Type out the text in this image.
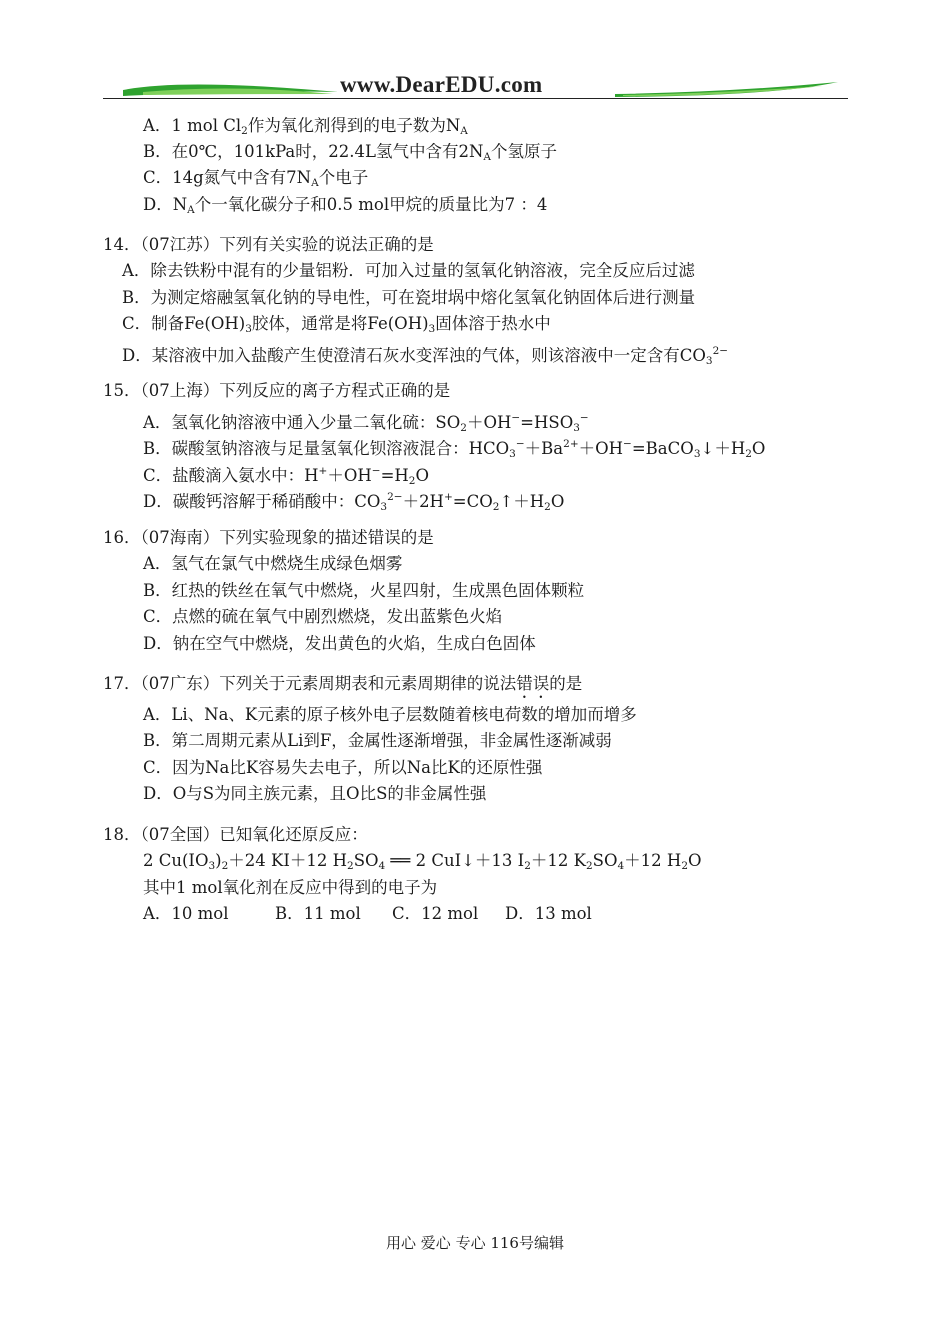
www.DearEDU.com
A．1 mol $Cl_2$作为氧化剂得到的电子数为$N_A$
B．在0℃，101kPa时，22.4L氢气中含有$2N_A$个氢原子
C．14g氮气中含有$7N_A$个电子
D．$N_A$个一氧化碳分子和0.5 mol甲烷的质量比为7 ：4
14．（07江苏）下列有关实验的说法正确的是
A．除去铁粉中混有的少量铝粉．可加入过量的氢氧化钠溶液，完全反应后过滤
B．为测定熔融氢氧化钠的导电性，可在瓷坩埚中熔化氢氧化钠固体后进行测量
C．制备$Fe(OH)_3$胶体，通常是将$Fe(OH)_3$固体溶于热水中
D．某溶液中加入盐酸产生使澄清石灰水变浑浊的气体，则该溶液中一定含有$CO_3^{2-}$
15．（07上海）下列反应的离子方程式正确的是
A．氢氧化钠溶液中通入少量二氧化硫：$SO_2+OH^-=HSO_3^-$
B．碳酸氢钠溶液与足量氢氧化钡溶液混合：$HCO_3^-+Ba^{2+}+OH^-=BaCO_3↓+H_2O$
C．盐酸滴入氨水中：$H^++OH^-=H_2O$
D．碳酸钙溶解于稀硝酸中：$CO_3^{2-}+2H^+=CO_2↑+H_2O$
16．（07海南）下列实验现象的描述错误的是
A．氢气在氯气中燃烧生成绿色烟雾
B．红热的铁丝在氧气中燃烧，火星四射，生成黑色固体颗粒
C．点燃的硫在氧气中剧烈燃烧，发出蓝紫色火焰
D．钠在空气中燃烧，发出黄色的火焰，生成白色固体
17．（07广东）下列关于元素周期表和元素周期律的说法错误的是
A．Li、Na、K元素的原子核外电子层数随着核电荷数的增加而增多
B．第二周期元素从Li到F，金属性逐渐增强，非金属性逐渐减弱
C．因为Na比K容易失去电子，所以Na比K的还原性强
D．O与S为同主族元素，且O比S的非金属性强
18．（07全国）已知氧化还原反应：
2 $Cu(IO_3)_2+24$ KI＋12 $H_2SO_4$ ══ 2 CuI↓＋13 $I_2+12$ $K_2SO_4+12$ $H_2O$
其中1 mol氧化剂在反应中得到的电子为
A．10 mol	B．11 mol C．12 mol D．13 mol
用心 爱心 专心 116号编辑
